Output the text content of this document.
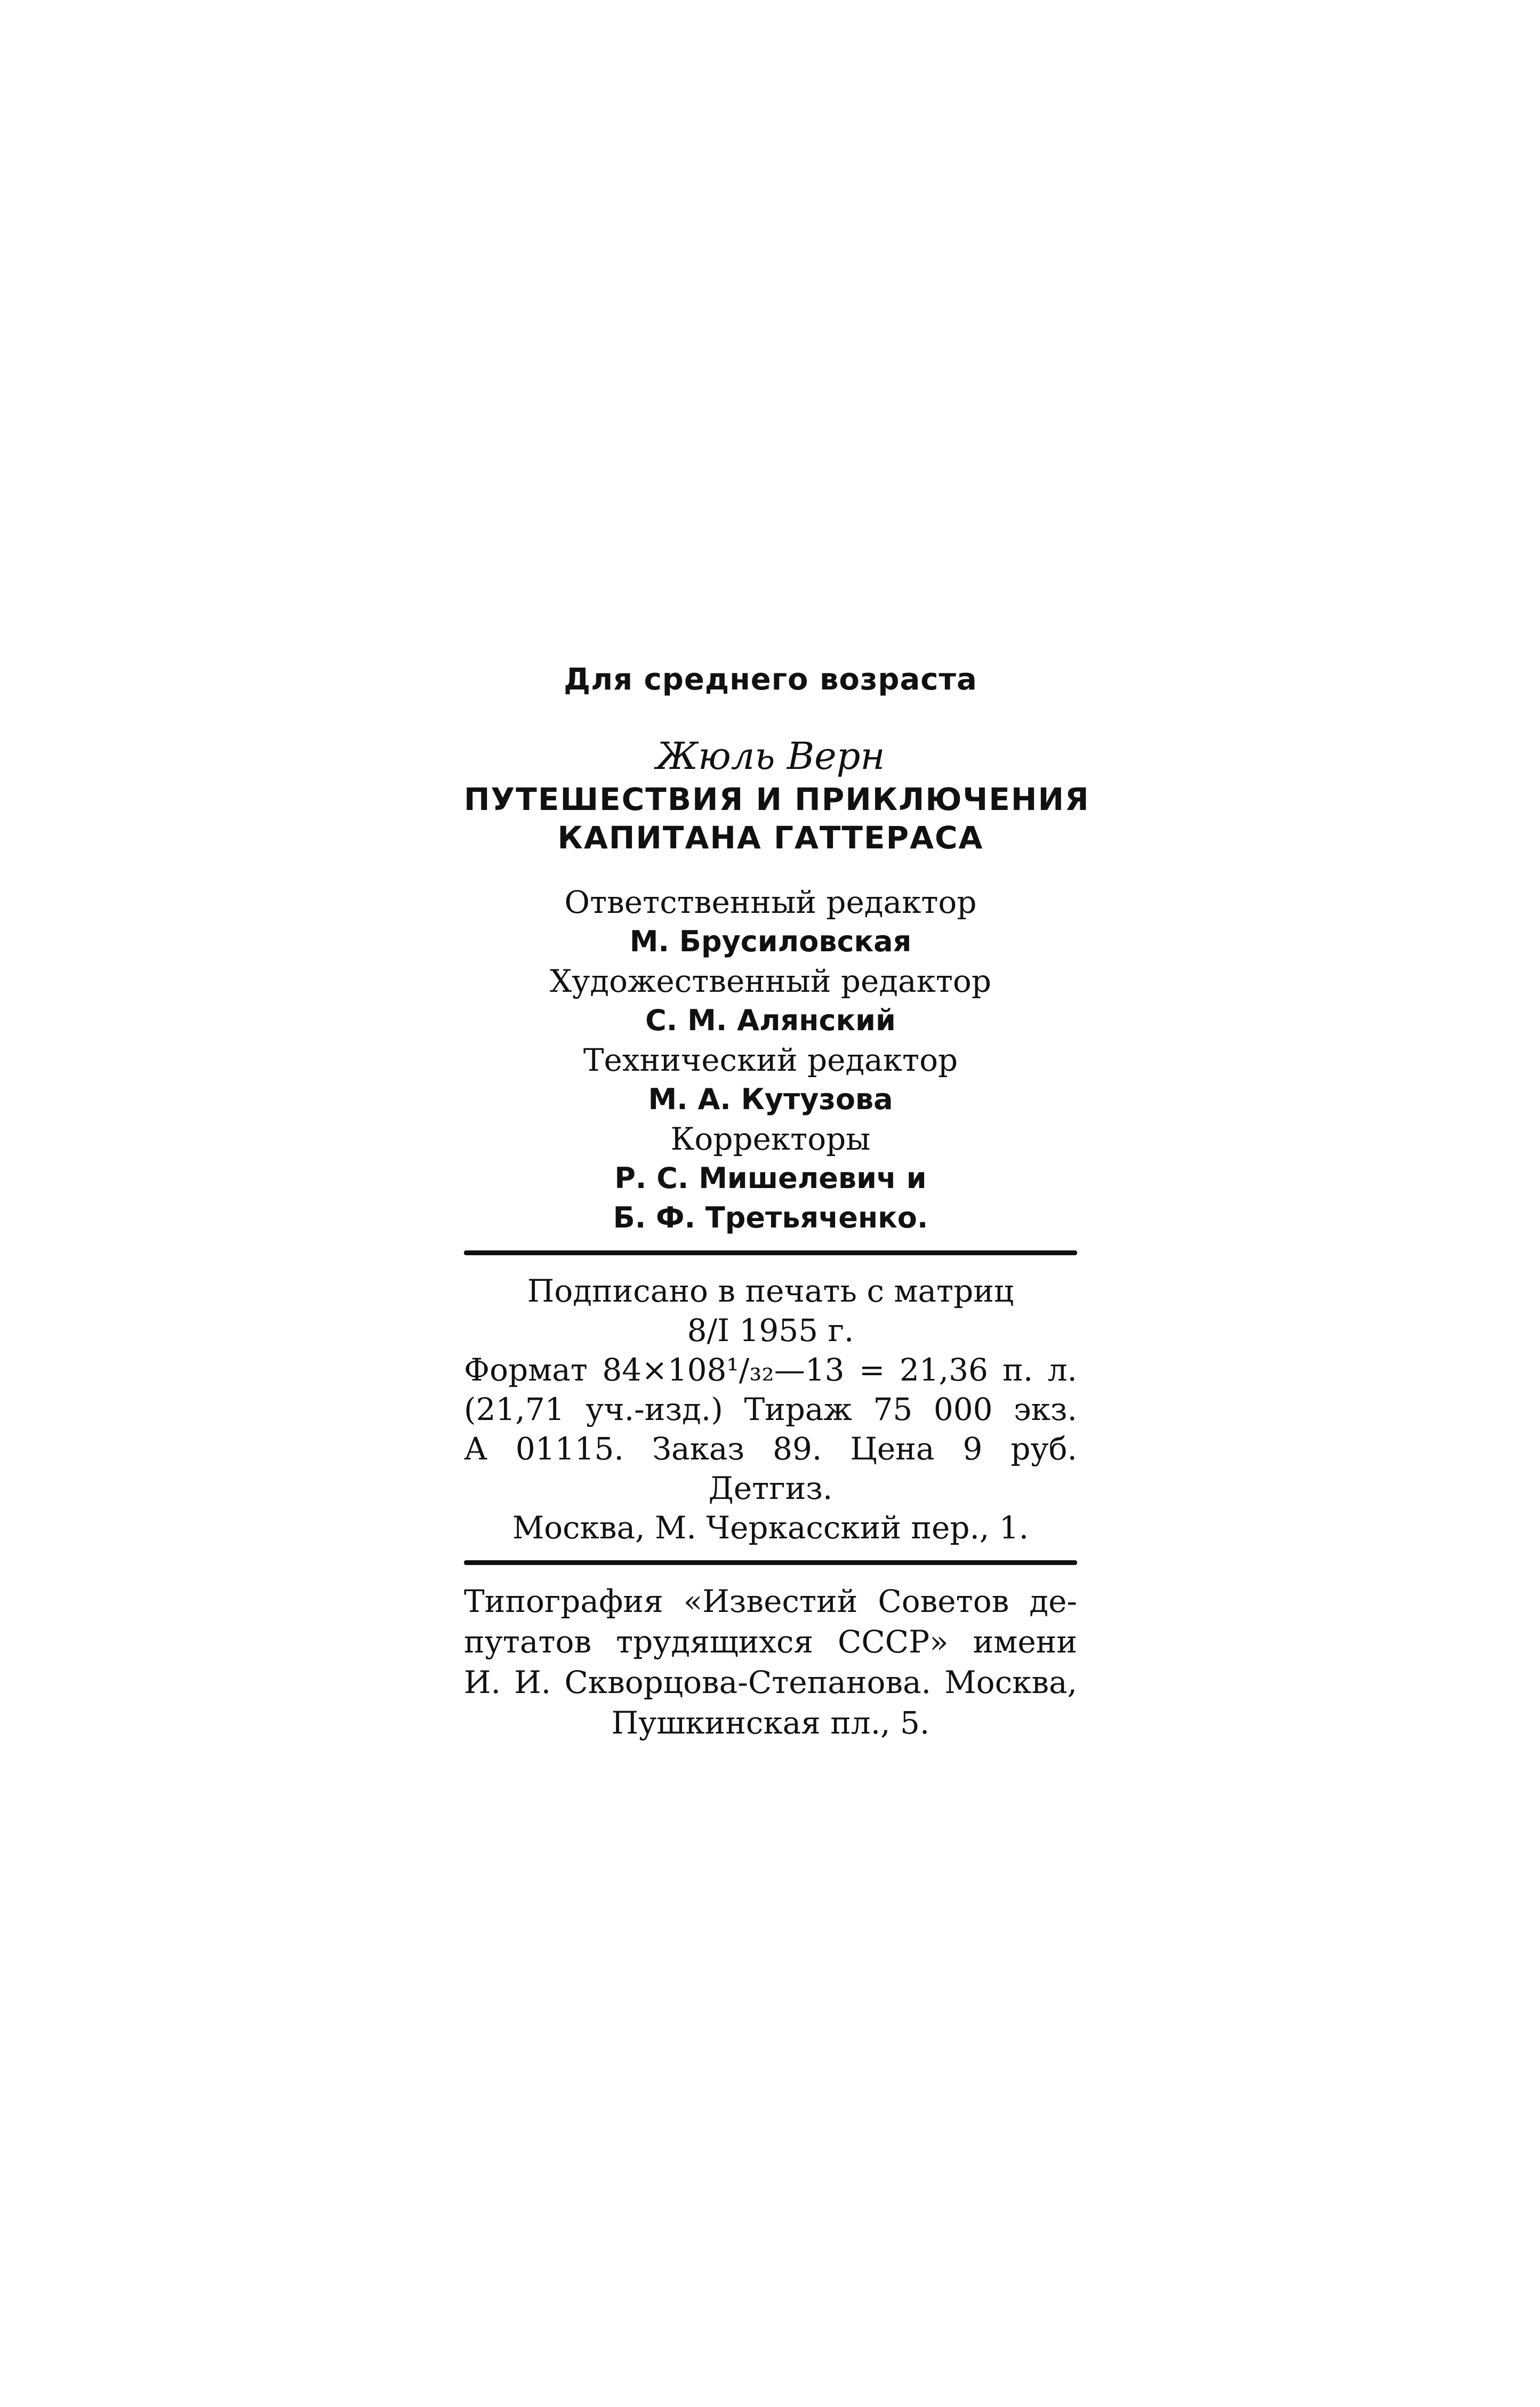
Для среднего возраста
Жюль Верн
ПУТЕШЕСТВИЯ И ПРИКЛЮЧЕНИЯ
КАПИТАНА ГАТТЕРАСА
Ответственный редактор
М. Брусиловская
Художественный редактор
С. М. Алянский
Технический редактор
М. А. Кутузова
Корректоры
Р. С. Мишелевич и
Б. Ф. Третьяченко.
Подписано в печать с матриц
8/I 1955 г.
Формат 84×108¹/₃₂—13 = 21,36 п. л.
(21,71 уч.-изд.) Тираж 75 000 экз.
А 01115. Заказ 89. Цена 9 руб.
Детгиз.
Москва, М. Черкасский пер., 1.
Типография «Известий Советов де-
путатов трудящихся СССР» имени
И. И. Скворцова-Степанова. Москва,
Пушкинская пл., 5.
